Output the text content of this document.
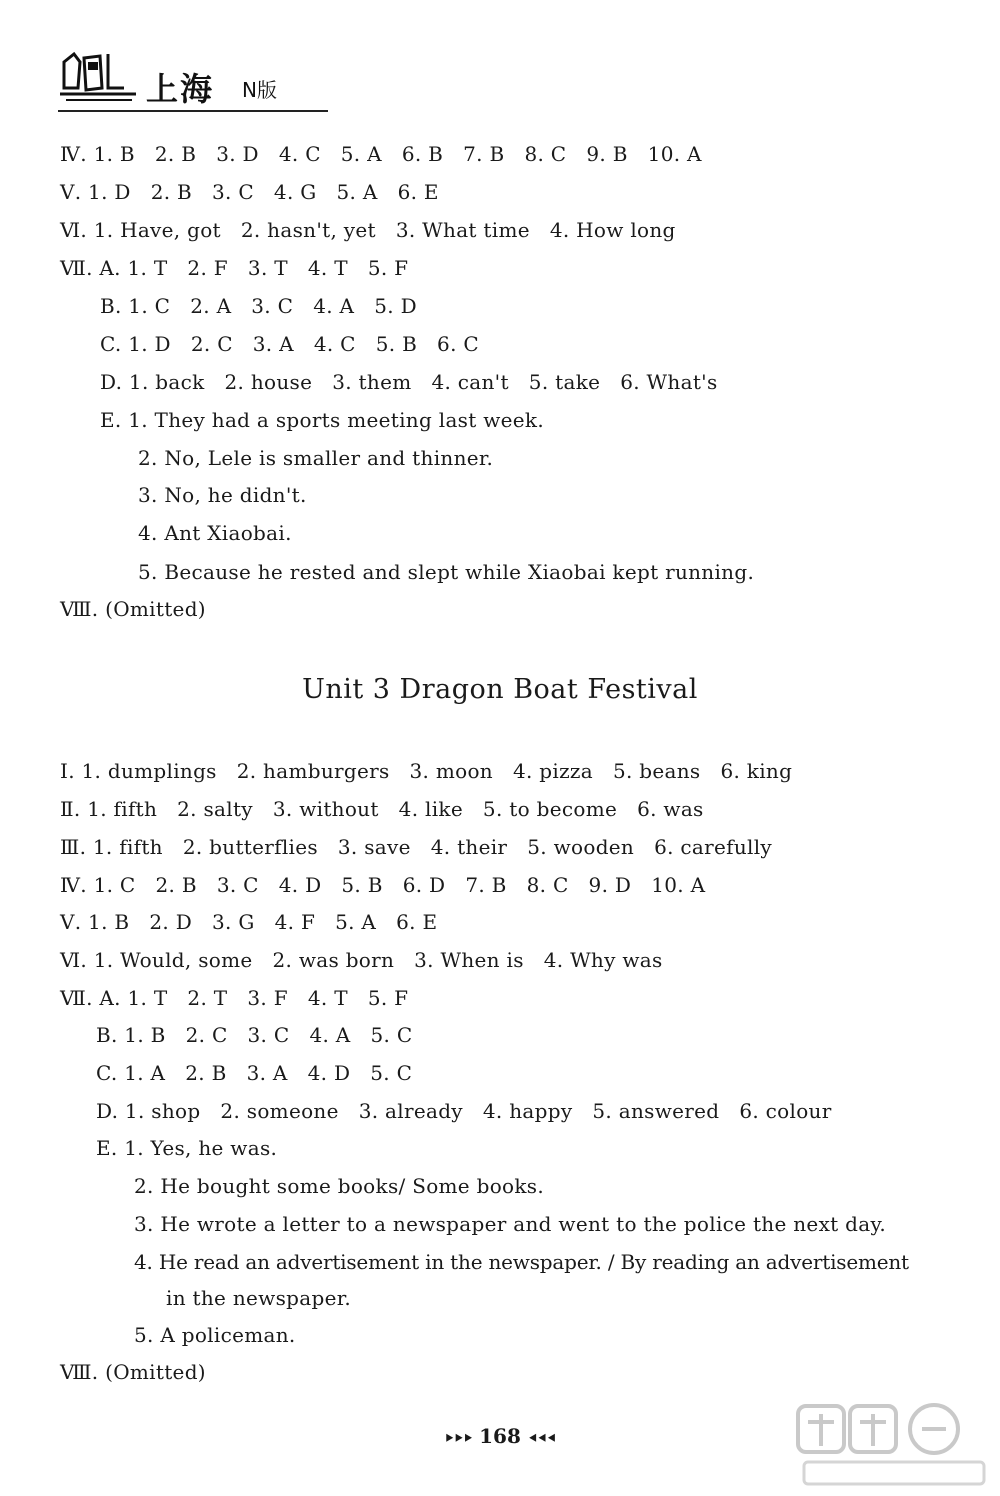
上海 N版
Ⅳ. 1. B   2. B   3. D   4. C   5. A   6. B   7. B   8. C   9. B   10. A
Ⅴ. 1. D   2. B   3. C   4. G   5. A   6. E
Ⅵ. 1. Have, got   2. hasn't, yet   3. What time   4. How long
Ⅶ. A. 1. T   2. F   3. T   4. T   5. F
B. 1. C   2. A   3. C   4. A   5. D
C. 1. D   2. C   3. A   4. C   5. B   6. C
D. 1. back   2. house   3. them   4. can't   5. take   6. What's
E. 1. They had a sports meeting last week.
2. No, Lele is smaller and thinner.
3. No, he didn't.
4. Ant Xiaobai.
5. Because he rested and slept while Xiaobai kept running.
Ⅷ. (Omitted)
Unit 3 Dragon Boat Festival
Ⅰ. 1. dumplings   2. hamburgers   3. moon   4. pizza   5. beans   6. king
Ⅱ. 1. fifth   2. salty   3. without   4. like   5. to become   6. was
Ⅲ. 1. fifth   2. butterflies   3. save   4. their   5. wooden   6. carefully
Ⅳ. 1. C   2. B   3. C   4. D   5. B   6. D   7. B   8. C   9. D   10. A
Ⅴ. 1. B   2. D   3. G   4. F   5. A   6. E
Ⅵ. 1. Would, some   2. was born   3. When is   4. Why was
Ⅶ. A. 1. T   2. T   3. F   4. T   5. F
B. 1. B   2. C   3. C   4. A   5. C
C. 1. A   2. B   3. A   4. D   5. C
D. 1. shop   2. someone   3. already   4. happy   5. answered   6. colour
E. 1. Yes, he was.
2. He bought some books/ Some books.
3. He wrote a letter to a newspaper and went to the police the next day.
4. He read an advertisement in the newspaper. / By reading an advertisement
in the newspaper.
5. A policeman.
Ⅷ. (Omitted)
⯈⯈⯈ 168 ⯇⯇⯇
